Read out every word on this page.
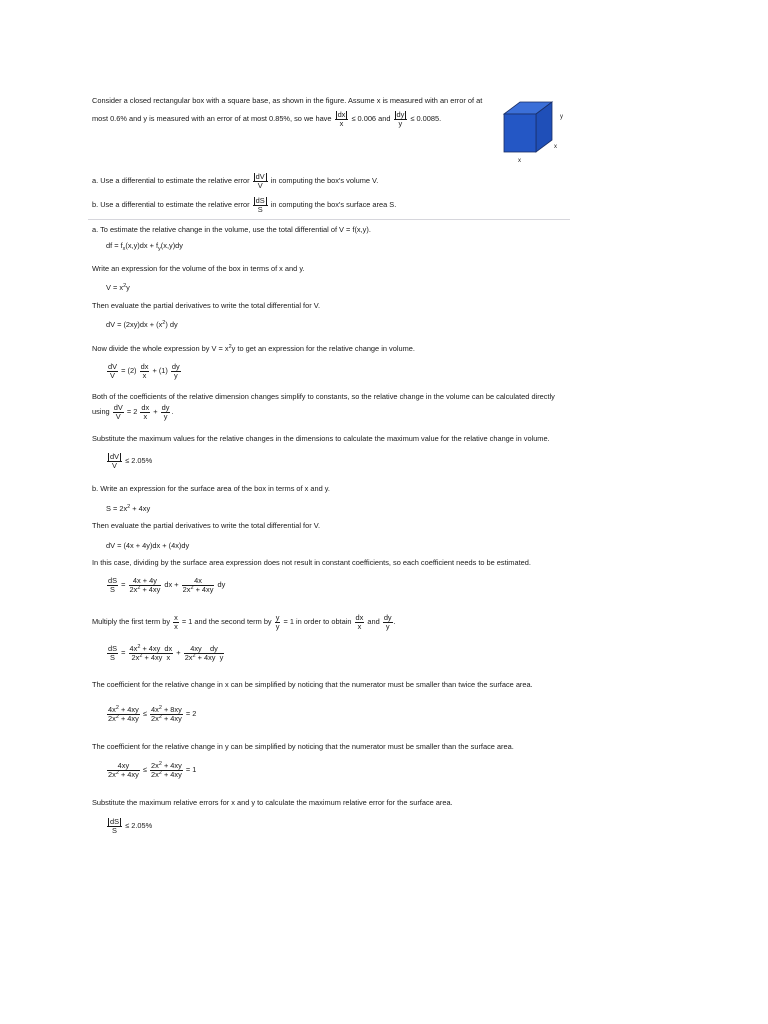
Consider a closed rectangular box with a square base, as shown in the figure. Assume x is measured with an error of at
most 0.6% and y is measured with an error of at most 0.85%, so we have $\frac{dx}{x} \le 0.006$ and $\frac{dy}{y} \le 0.0085$.	y
x
x
a. Use a differential to estimate the relative error $\frac{dV}{V}$ in computing the box's volume V.
b. Use a differential to estimate the relative error $\frac{dS}{S}$ in computing the box's surface area S.
a. To estimate the relative change in the volume, use the total differential of V = f(x,y).
df = $f_x(x,y)dx + f_y(x,y)dy$
Write an expression for the volume of the box in terms of x and y.
$V = x^2y$
Then evaluate the partial derivatives to write the total differential for V.
dV = $(2xy)dx + (x^2)$ dy
Now divide the whole expression by $V = x^2y$ to get an expression for the relative change in volume.
$\frac{dV}{V} = (2) \frac{dx}{x} + (1) \frac{dy}{y}$
Both of the coefficients of the relative dimension changes simplify to constants, so the relative change in the volume can be calculated directly
using $\frac{dV}{V} = 2 \frac{dx}{x} + \frac{dy}{y}$ .
Substitute the maximum values for the relative changes in the dimensions to calculate the maximum value for the relative change in volume.
$\frac{dV}{V} \le 2.05\%$
b. Write an expression for the surface area of the box in terms of x and y.
$S = 2x^2 + 4xy$
Then evaluate the partial derivatives to write the total differential for V.
dV = (4x + 4y)dx + (4x)dy
In this case, dividing by the surface area expression does not result in constant coefficients, so each coefficient needs to be estimated.
$\frac{dS}{S} = \frac{4x + 4y}{2x^2 + 4xy}$ dx + $\frac{4x}{2x^2 + 4xy}$ dy
Multiply the first term by $\frac{x}{x} = 1$ and the second term by $\frac{y}{y} = 1$ in order to obtain $\frac{dx}{x}$ and $\frac{dy}{y}$ .
$\frac{dS}{S} = \frac{4x^2 + 4xy dx}{2x^2 + 4xy x} + \frac{\text{4xy dy}}{2x^2 + 4xy y}$
The coefficient for the relative change in x can be simplified by noticing that the numerator must be smaller than twice the surface area.
$\frac{4x^2 + 4xy}{2x^2 + 4xy} \le \frac{4x^2 + 8xy}{2x^2 + 4xy} = 2$
The coefficient for the relative change in y can be simplified by noticing that the numerator must be smaller than the surface area.
$\frac{4xy}{2x^2 + 4xy} \le \frac{2x^2 + 4xy}{2x^2 + 4xy} = 1$
Substitute the maximum relative errors for x and y to calculate the maximum relative error for the surface area.
$\frac{dS}{S} \le 2.05\%$
